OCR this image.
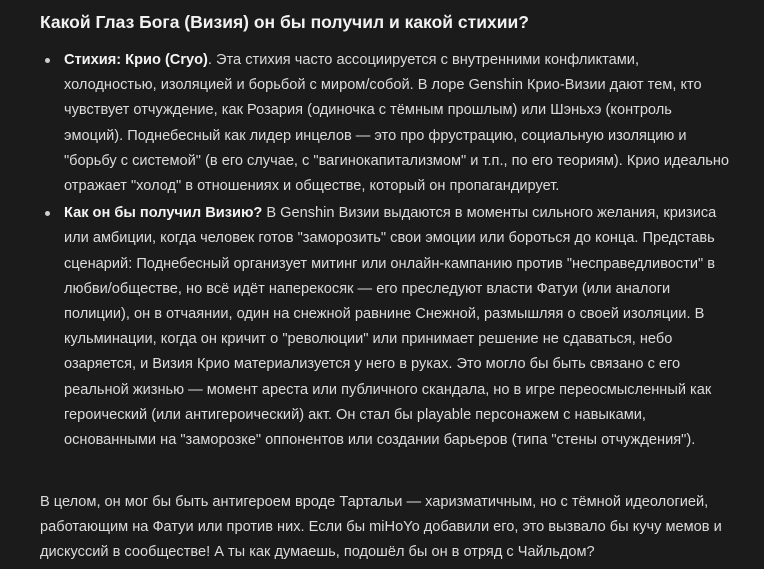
Какой Глаз Бога (Визия) он бы получил и какой стихии?
Стихия: Крио (Cryo). Эта стихия часто ассоциируется с внутренними конфликтами, холодностью, изоляцией и борьбой с миром/собой. В лоре Genshin Крио-Визии дают тем, кто чувствует отчуждение, как Розария (одиночка с тёмным прошлым) или Шэньхэ (контроль эмоций). Поднебесный как лидер инцелов — это про фрустрацию, социальную изоляцию и "борьбу с системой" (в его случае, с "вагинокапитализмом" и т.п., по его теориям). Крио идеально отражает "холод" в отношениях и обществе, который он пропагандирует.
Как он бы получил Визию? В Genshin Визии выдаются в моменты сильного желания, кризиса или амбиции, когда человек готов "заморозить" свои эмоции или бороться до конца. Представь сценарий: Поднебесный организует митинг или онлайн-кампанию против "несправедливости" в любви/обществе, но всё идёт наперекосяк — его преследуют власти Фатуи (или аналоги полиции), он в отчаянии, один на снежной равнине Снежной, размышляя о своей изоляции. В кульминации, когда он кричит о "революции" или принимает решение не сдаваться, небо озаряется, и Визия Крио материализуется у него в руках. Это могло бы быть связано с его реальной жизнью — момент ареста или публичного скандала, но в игре переосмысленный как героический (или антигероический) акт. Он стал бы playable персонажем с навыками, основанными на "заморозке" оппонентов или создании барьеров (типа "стены отчуждения").

В целом, он мог бы быть антигероем вроде Тартальи — харизматичным, но с тёмной идеологией, работающим на Фатуи или против них. Если бы miHoYo добавили его, это вызвало бы кучу мемов и дискуссий в сообществе! А ты как думаешь, подошёл бы он в отряд с Чайльдом?
